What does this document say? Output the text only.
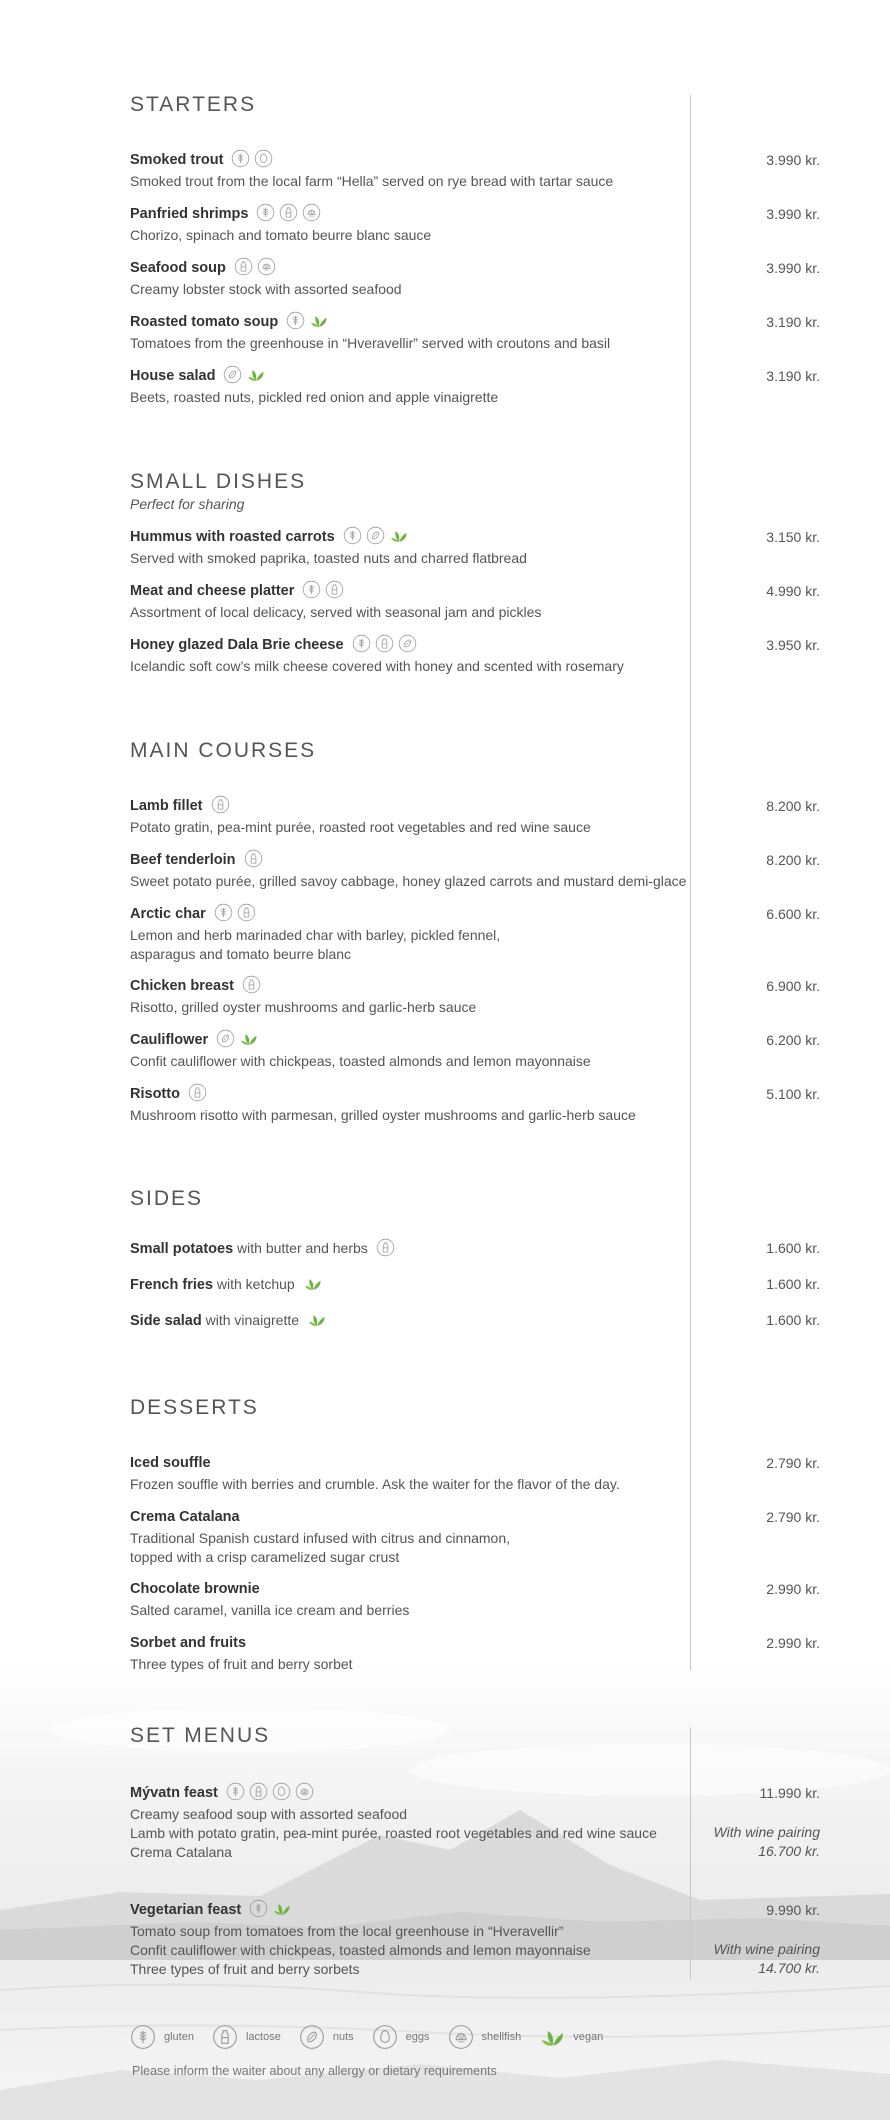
STARTERS
Smoked trout
Smoked trout from the local farm “Hella” served on rye bread with tartar sauce
3.990 kr.
Panfried shrimps
Chorizo, spinach and tomato beurre blanc sauce
3.990 kr.
Seafood soup
Creamy lobster stock with assorted seafood
3.990 kr.
Roasted tomato soup
Tomatoes from the greenhouse in “Hveravellir” served with croutons and basil
3.190 kr.
House salad
Beets, roasted nuts, pickled red onion and apple vinaigrette
3.190 kr.
SMALL DISHES
Perfect for sharing
Hummus with roasted carrots
Served with smoked paprika, toasted nuts and charred flatbread
3.150 kr.
Meat and cheese platter
Assortment of local delicacy, served with seasonal jam and pickles
4.990 kr.
Honey glazed Dala Brie cheese
Icelandic soft cow’s milk cheese covered with honey and scented with rosemary
3.950 kr.
MAIN COURSES
Lamb fillet
Potato gratin, pea-mint purée, roasted root vegetables and red wine sauce
8.200 kr.
Beef tenderloin
Sweet potato purée, grilled savoy cabbage, honey glazed carrots and mustard demi-glace
8.200 kr.
Arctic char
Lemon and herb marinaded char with barley, pickled fennel,
asparagus and tomato beurre blanc
6.600 kr.
Chicken breast
Risotto, grilled oyster mushrooms and garlic-herb sauce
6.900 kr.
Cauliflower
Confit cauliflower with chickpeas, toasted almonds and lemon mayonnaise
6.200 kr.
Risotto
Mushroom risotto with parmesan, grilled oyster mushrooms and garlic-herb sauce
5.100 kr.
SIDES
Small potatoes with butter and herbs	1.600 kr.
French fries with ketchup	1.600 kr.
Side salad with vinaigrette	1.600 kr.
DESSERTS
Iced souffle
Frozen souffle with berries and crumble. Ask the waiter for the flavor of the day.
2.790 kr.
Crema Catalana
Traditional Spanish custard infused with citrus and cinnamon,
topped with a crisp caramelized sugar crust
2.790 kr.
Chocolate brownie
Salted caramel, vanilla ice cream and berries
2.990 kr.
Sorbet and fruits
Three types of fruit and berry sorbet
2.990 kr.
SET MENUS
Mývatn feast
Creamy seafood soup with assorted seafood
Lamb with potato gratin, pea-mint purée, roasted root vegetables and red wine sauce
Crema Catalana
11.990 kr.
With wine pairing
16.700 kr.
Vegetarian feast
Tomato soup from tomatoes from the local greenhouse in “Hveravellir”
Confit cauliflower with chickpeas, toasted almonds and lemon mayonnaise
Three types of fruit and berry sorbets
9.990 kr.
With wine pairing
14.700 kr.
gluten	lactose	nuts	eggs	shellfish	vegan
Please inform the waiter about any allergy or dietary requirements
